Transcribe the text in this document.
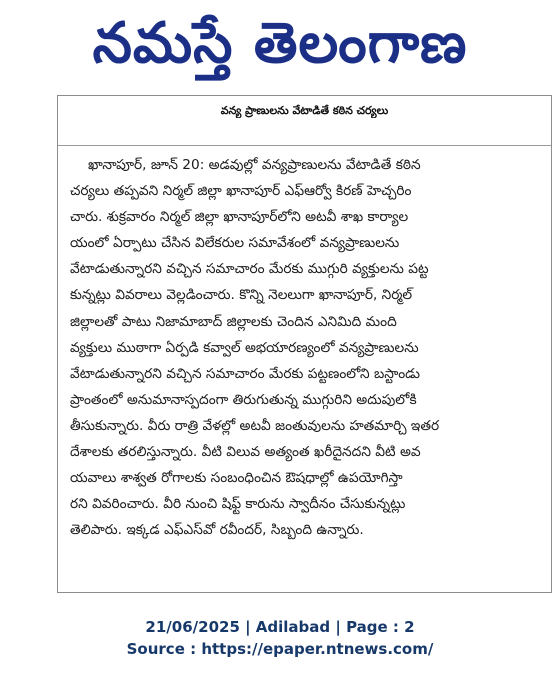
నమస్తే తెలంగాణ
వన్య ప్రాణులను వేటాడితే కఠిన చర్యలు
ఖానాపూర్, జూన్ 20: అడవుల్లో వన్యప్రాణులను వేటాడితే కఠిన
చర్యలు తప్పవని నిర్మల్ జిల్లా ఖానాపూర్ ఎఫ్ఆర్వో కిరణ్ హెచ్చరిం
చారు. శుక్రవారం నిర్మల్ జిల్లా ఖానాపూర్‌లోని అటవీ శాఖ కార్యాల
యంలో ఏర్పాటు చేసిన విలేకరుల సమావేశంలో వన్యప్రాణులను
వేటాడుతున్నారని వచ్చిన సమాచారం మేరకు ముగ్గురి వ్యక్తులను పట్ట
కున్నట్లు వివరాలు వెల్లడించారు. కొన్ని నెలలుగా ఖానాపూర్, నిర్మల్
జిల్లాలతో పాటు నిజామాబాద్ జిల్లాలకు చెందిన ఎనిమిది మంది
వ్యక్తులు ముఠాగా ఏర్పడి కవ్వాల్ అభయారణ్యంలో వన్యప్రాణులను
వేటాడుతున్నారని వచ్చిన సమాచారం మేరకు పట్టణంలోని బస్టాండు
ప్రాంతంలో అనుమానాస్పదంగా తిరుగుతున్న ముగ్గురిని అదుపులోకి
తీసుకున్నారు. వీరు రాత్రి వేళల్లో అటవీ జంతువులను హతమార్చి ఇతర
దేశాలకు తరలిస్తున్నారు. వీటి విలువ అత్యంత ఖరీదైనదని వీటి అవ
యవాలు శాశ్వత రోగాలకు సంబంధించిన ఔషధాల్లో ఉపయోగిస్తా
రని వివరించారు. వీరి నుంచి షిఫ్ట్ కారును స్వాదీనం చేసుకున్నట్లు
తెలిపారు. ఇక్కడ ఎఫ్ఎస్‌వో రవీందర్, సిబ్బంది ఉన్నారు.
21/06/2025 | Adilabad | Page : 2
Source : https://epaper.ntnews.com/
